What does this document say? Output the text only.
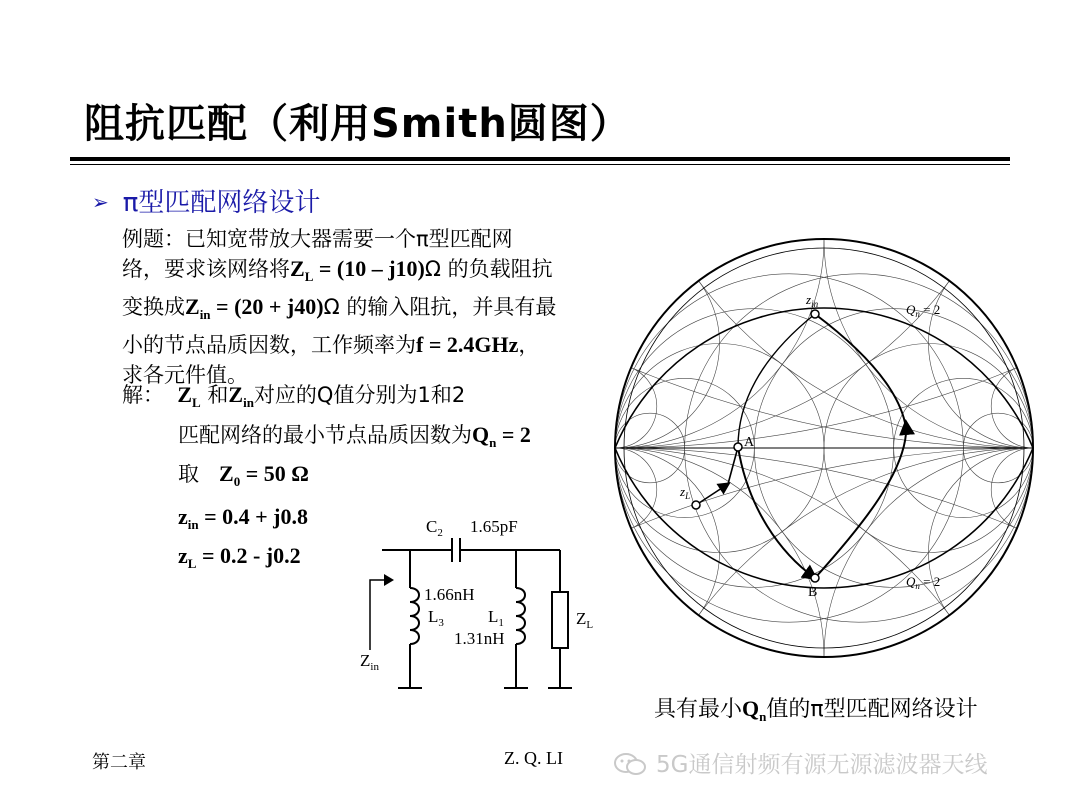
阻抗匹配（利用Smith圆图）
➢ π型匹配网络设计
例题：已知宽带放大器需要一个π型匹配网
络，要求该网络将$Z_L = (10 - j10)\Omega$ 的负载阻抗
变换成$Z_{in} = (20 + j40)\Omega$ 的输入阻抗，并具有最
小的节点品质因数，工作频率为f = 2.4GHz，
求各元件值。
解： $Z_L$ 和$Z_{in}$对应的Q值分别为1和2
匹配网络的最小节点品质因数为$Q_n = 2$
取 $Z_0 = 50$ Ω
$z_{in} = 0.4 + j0.8$
$z_L = 0.2 - j0.2$
$z_{in}$
A
$z_L$
B
$Q_n = 2$
$Q_n = 2$
$C_2$ 1.65pF
1.66nH
$L_3$	$L_1$
1.31nH
$Z_L$
$Z_{in}$
具有最小$Q_n$值的π型匹配网络设计
第二章	Z. Q. LI	5G通信射频有源无源滤波器天线
